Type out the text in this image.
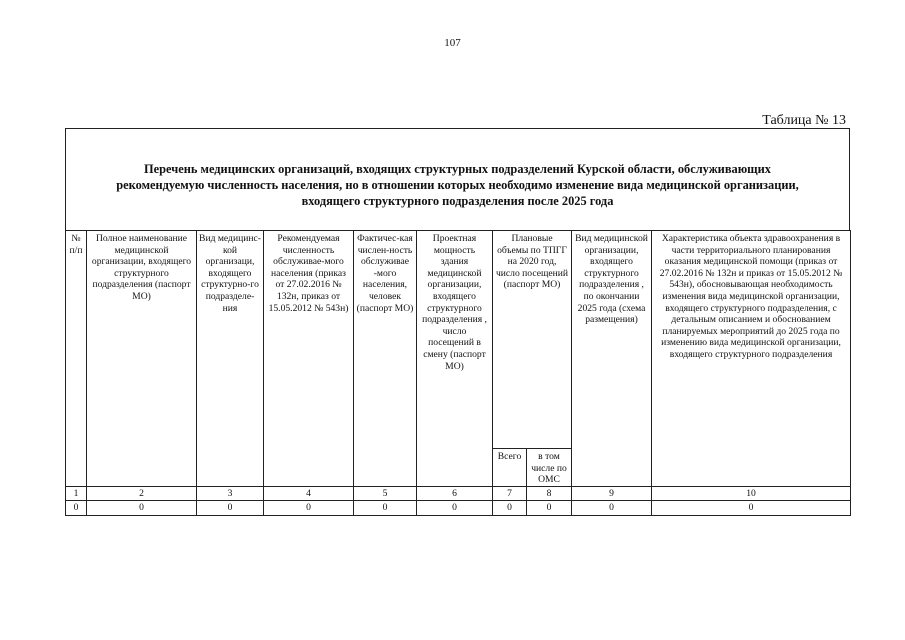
107
Таблица № 13
Перечень медицинских организаций, входящих структурных подразделений Курской области, обслуживающих рекомендуемую численность населения, но в отношении которых необходимо изменение вида медицинской организации, входящего структурного подразделения после 2025 года
№ п/п	Полное наименование медицинской организации, входящего структурного подразделения (паспорт МО)	Вид медицинс-кой организаци, входящего структурно-го подразделе-ния	Рекомендуемая численность обслуживае-мого населения (приказ от 27.02.2016 № 132н, приказ от 15.05.2012 № 543н)	Фактичес-кая числен-ность обслуживае -мого населения, человек (паспорт МО)	Проектная мощность здания медицинской организации, входящего структурного подразделения , число посещений в смену (паспорт МО)	Плановые объемы по ТПГГ на 2020 год, число посещений (паспорт МО)		Вид медицинской организации, входящего структурного подразделения , по окончании 2025 года (схема размещения)	Характеристика объекта здравоохранения в части территориального планирования оказания медицинской помощи (приказ от 27.02.2016 № 132н и приказ от 15.05.2012 № 543н), обосновывающая необходимость изменения вида медицинской организации, входящего структурного подразделения, с детальным описанием и обоснованием планируемых мероприятий до 2025 года по изменению вида медицинской организации, входящего структурного подразделения
						Всего	в том числе по ОМС		
1	2	3	4	5	6	7	8	9	10
0	0	0	0	0	0	0	0	0	0
